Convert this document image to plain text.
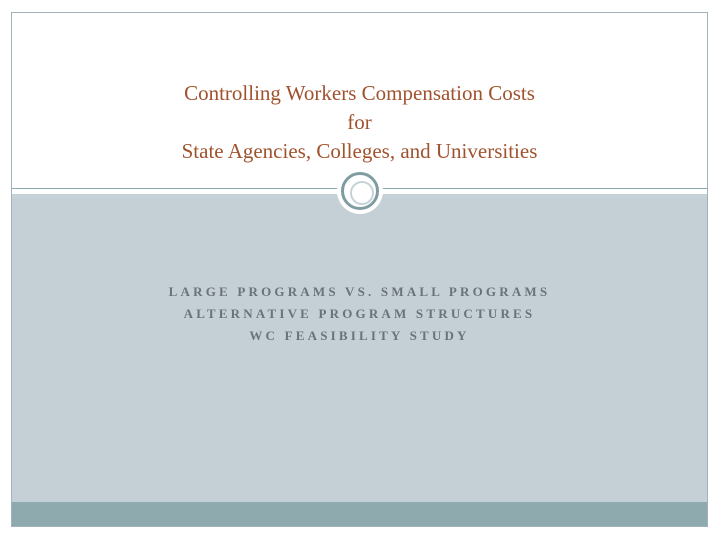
Controlling Workers Compensation Costs
for
State Agencies, Colleges, and Universities
LARGE PROGRAMS VS. SMALL PROGRAMS
ALTERNATIVE PROGRAM STRUCTURES
WC FEASIBILITY STUDY
